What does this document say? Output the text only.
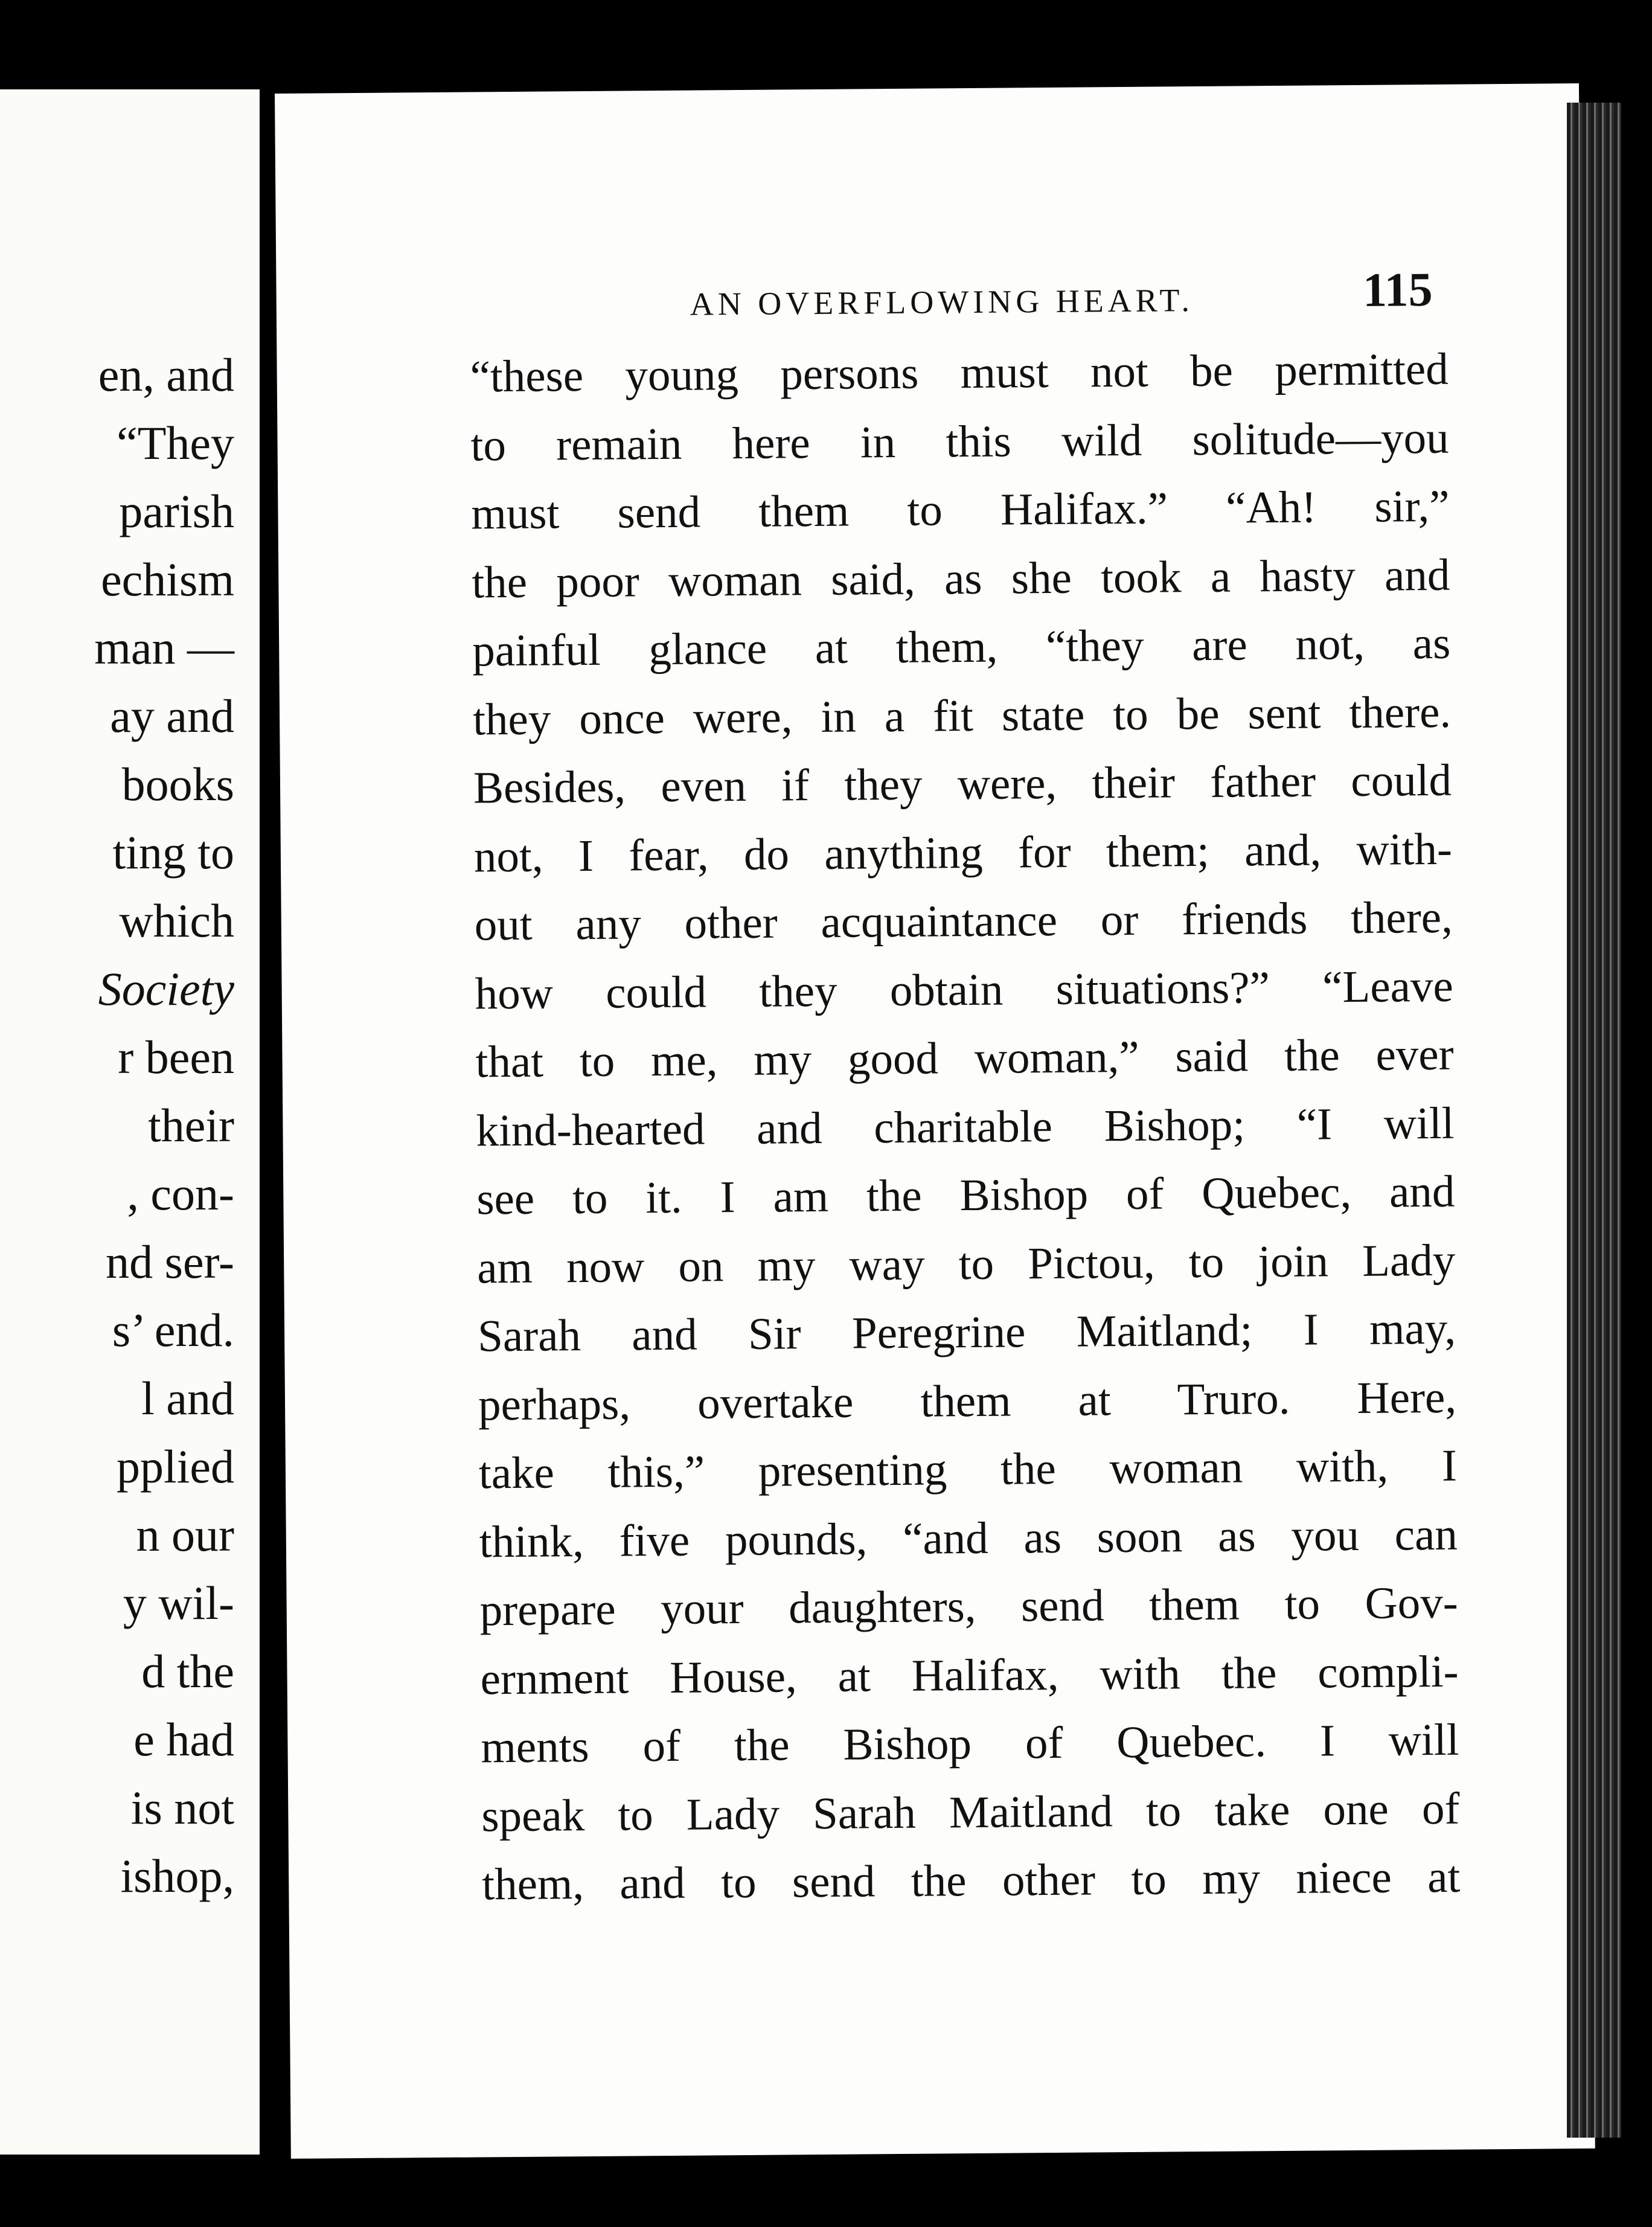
en, and
“They
parish
echism
man —
ay and
books
ting to
which
Society
r been
their
, con-
nd ser-
s’ end.
l and
pplied
n our
y wil-
d the
e had
is not
ishop,
AN OVERFLOWING HEART.	115
“these young persons must not be permitted
to remain here in this wild solitude—you
must send them to Halifax.” “Ah! sir,”
the poor woman said, as she took a hasty and
painful glance at them, “they are not, as
they once were, in a fit state to be sent there.
Besides, even if they were, their father could
not, I fear, do anything for them; and, with-
out any other acquaintance or friends there,
how could they obtain situations?” “Leave
that to me, my good woman,” said the ever
kind-hearted and charitable Bishop; “I will
see to it. I am the Bishop of Quebec, and
am now on my way to Pictou, to join Lady
Sarah and Sir Peregrine Maitland; I may,
perhaps, overtake them at Truro. Here,
take this,” presenting the woman with, I
think, five pounds, “and as soon as you can
prepare your daughters, send them to Gov-
ernment House, at Halifax, with the compli-
ments of the Bishop of Quebec. I will
speak to Lady Sarah Maitland to take one of
them, and to send the other to my niece at
